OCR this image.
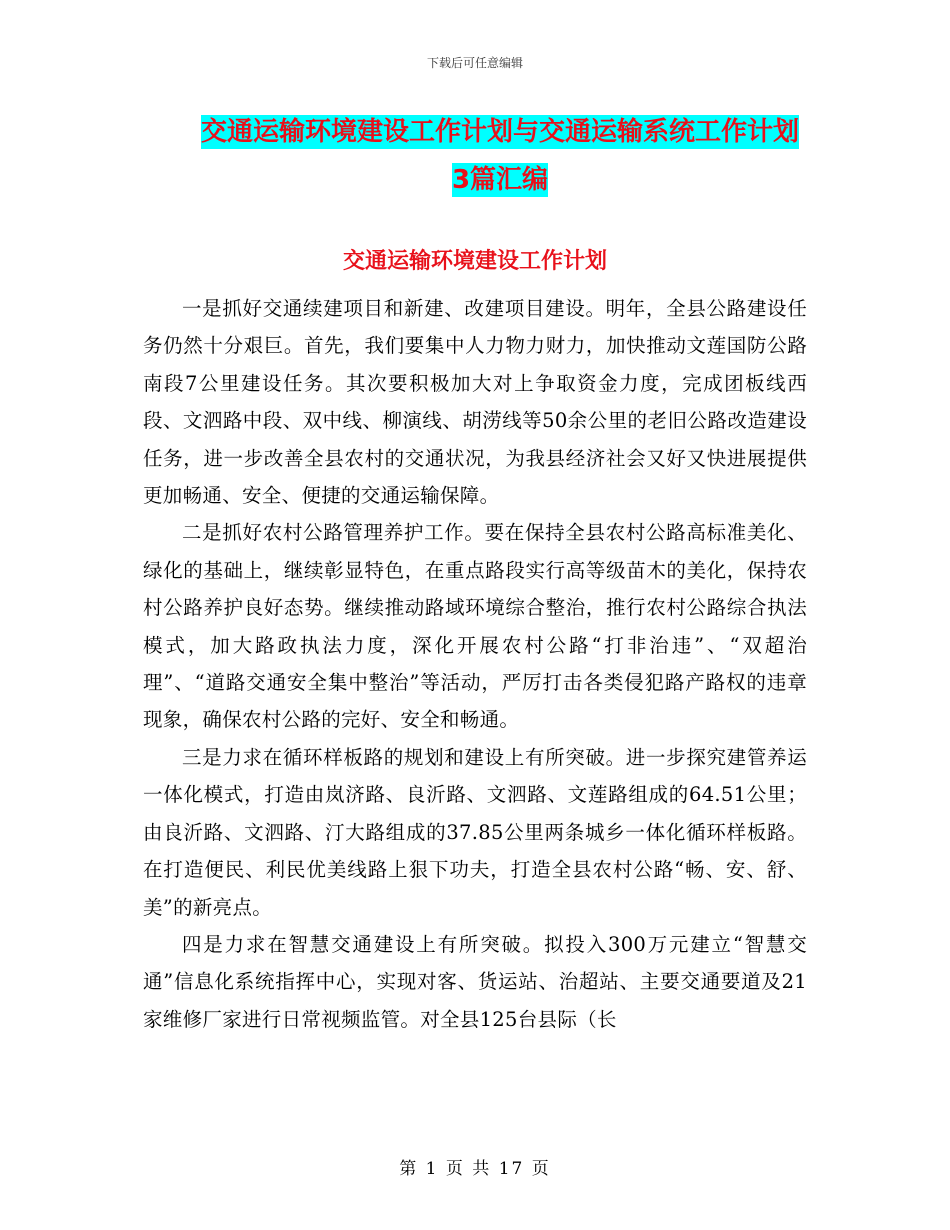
下载后可任意编辑
交通运输环境建设工作计划与交通运输系统工作计划
3篇汇编
交通运输环境建设工作计划

一是抓好交通续建项目和新建、改建项目建设。明年，全县公路建设任务仍然十分艰巨。首先，我们要集中人力物力财力，加快推动文莲国防公路南段7公里建设任务。其次要积极加大对上争取资金力度，完成团板线西段、文泗路中段、双中线、柳演线、胡涝线等50余公里的老旧公路改造建设任务，进一步改善全县农村的交通状况，为我县经济社会又好又快进展提供更加畅通、安全、便捷的交通运输保障。

二是抓好农村公路管理养护工作。要在保持全县农村公路高标准美化、绿化的基础上，继续彰显特色，在重点路段实行高等级苗木的美化，保持农村公路养护良好态势。继续推动路域环境综合整治，推行农村公路综合执法模式，加大路政执法力度，深化开展农村公路“打非治违”、“双超治理”、“道路交通安全集中整治”等活动，严厉打击各类侵犯路产路权的违章现象，确保农村公路的完好、安全和畅通。

三是力求在循环样板路的规划和建设上有所突破。进一步探究建管养运一体化模式，打造由岚济路、良沂路、文泗路、文莲路组成的64.51公里；由良沂路、文泗路、汀大路组成的37.85公里两条城乡一体化循环样板路。在打造便民、利民优美线路上狠下功夫，打造全县农村公路“畅、安、舒、美”的新亮点。

四是力求在智慧交通建设上有所突破。拟投入300万元建立“智慧交通”信息化系统指挥中心，实现对客、货运站、治超站、主要交通要道及21家维修厂家进行日常视频监管。对全县125台县际（长

第 1 页 共 17 页
